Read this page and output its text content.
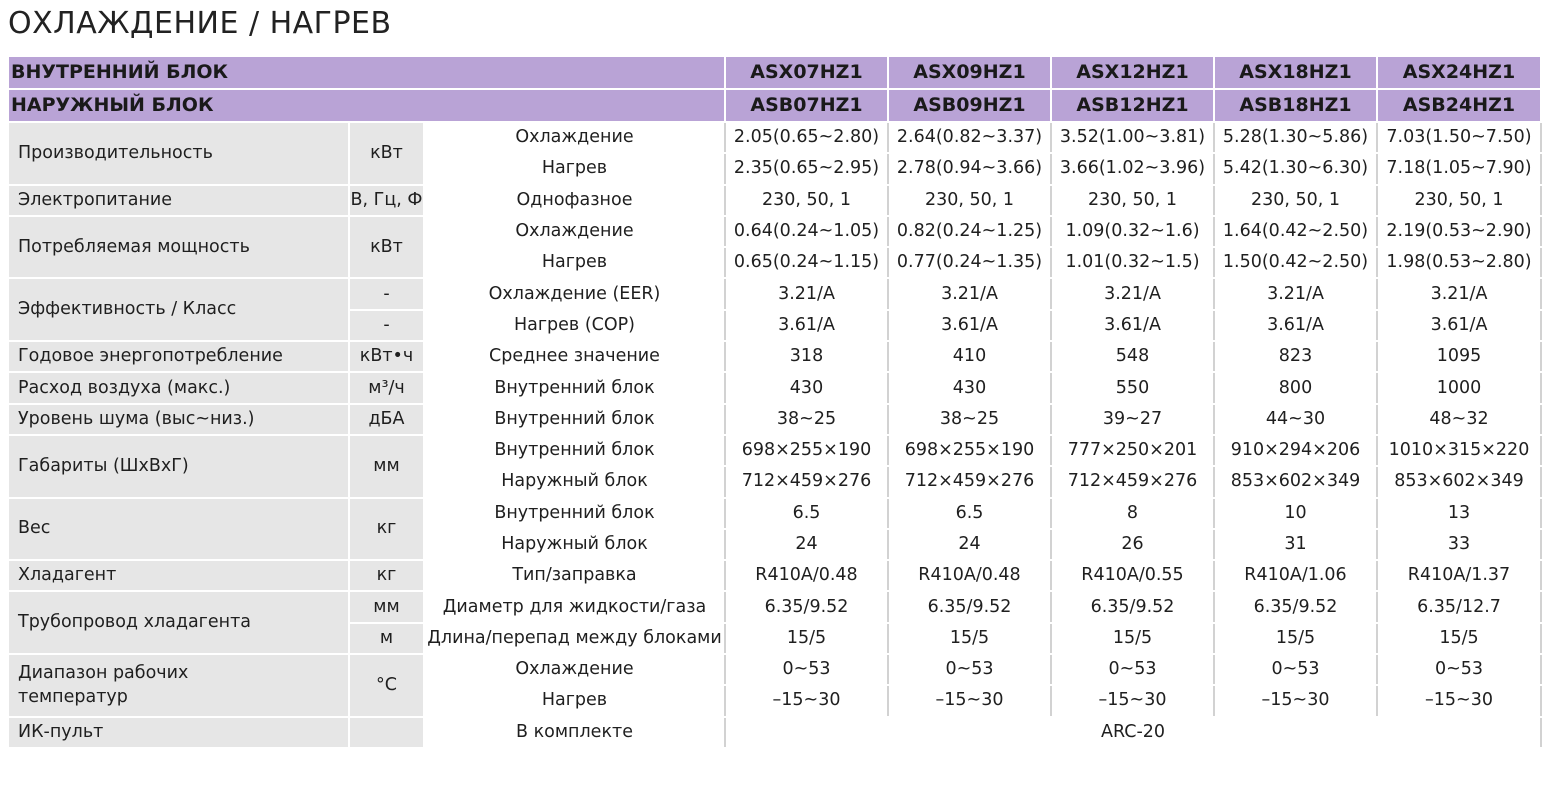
ОХЛАЖДЕНИЕ / НАГРЕВ
ВНУТРЕННИЙ БЛОК			ASX07HZ1	ASX09HZ1	ASX12HZ1	ASX18HZ1	ASX24HZ1
НАРУЖНЫЙ БЛОК			ASB07HZ1	ASB09HZ1	ASB12HZ1	ASB18HZ1	ASB24HZ1
Производительность	кВт	Охлаждение	2.05(0.65~2.80)	2.64(0.82~3.37)	3.52(1.00~3.81)	5.28(1.30~5.86)	7.03(1.50~7.50)
		Нагрев	2.35(0.65~2.95)	2.78(0.94~3.66)	3.66(1.02~3.96)	5.42(1.30~6.30)	7.18(1.05~7.90)
Электропитание	В, Гц, Ф	Однофазное	230, 50, 1	230, 50, 1	230, 50, 1	230, 50, 1	230, 50, 1
Потребляемая мощность	кВт	Охлаждение	0.64(0.24~1.05)	0.82(0.24~1.25)	1.09(0.32~1.6)	1.64(0.42~2.50)	2.19(0.53~2.90)
		Нагрев	0.65(0.24~1.15)	0.77(0.24~1.35)	1.01(0.32~1.5)	1.50(0.42~2.50)	1.98(0.53~2.80)
Эффективность / Класс	-	Охлаждение (EER)	3.21/A	3.21/A	3.21/A	3.21/A	3.21/A
	-	Нагрев (COP)	3.61/A	3.61/A	3.61/A	3.61/A	3.61/A
Годовое энергопотребление	кВт•ч	Среднее значение	318	410	548	823	1095
Расход воздуха (макс.)	м³/ч	Внутренний блок	430	430	550	800	1000
Уровень шума (выс~низ.)	дБА	Внутренний блок	38~25	38~25	39~27	44~30	48~32
Габариты (ШхВхГ)	мм	Внутренний блок	698×255×190	698×255×190	777×250×201	910×294×206	1010×315×220
		Наружный блок	712×459×276	712×459×276	712×459×276	853×602×349	853×602×349
Вес	кг	Внутренний блок	6.5	6.5	8	10	13
		Наружный блок	24	24	26	31	33
Хладагент	кг	Тип/заправка	R410A/0.48	R410A/0.48	R410A/0.55	R410A/1.06	R410A/1.37
Трубопровод хладагента	мм	Диаметр для жидкости/газа	6.35/9.52	6.35/9.52	6.35/9.52	6.35/9.52	6.35/12.7
	м	Длина/перепад между блоками	15/5	15/5	15/5	15/5	15/5

Диапазон рабочих
температур	°C	Охлаждение	0~53	0~53	0~53	0~53	0~53
		Нагрев	–15~30	–15~30	–15~30	–15~30	–15~30
ИК-пульт		В комплекте	ARC-20				
